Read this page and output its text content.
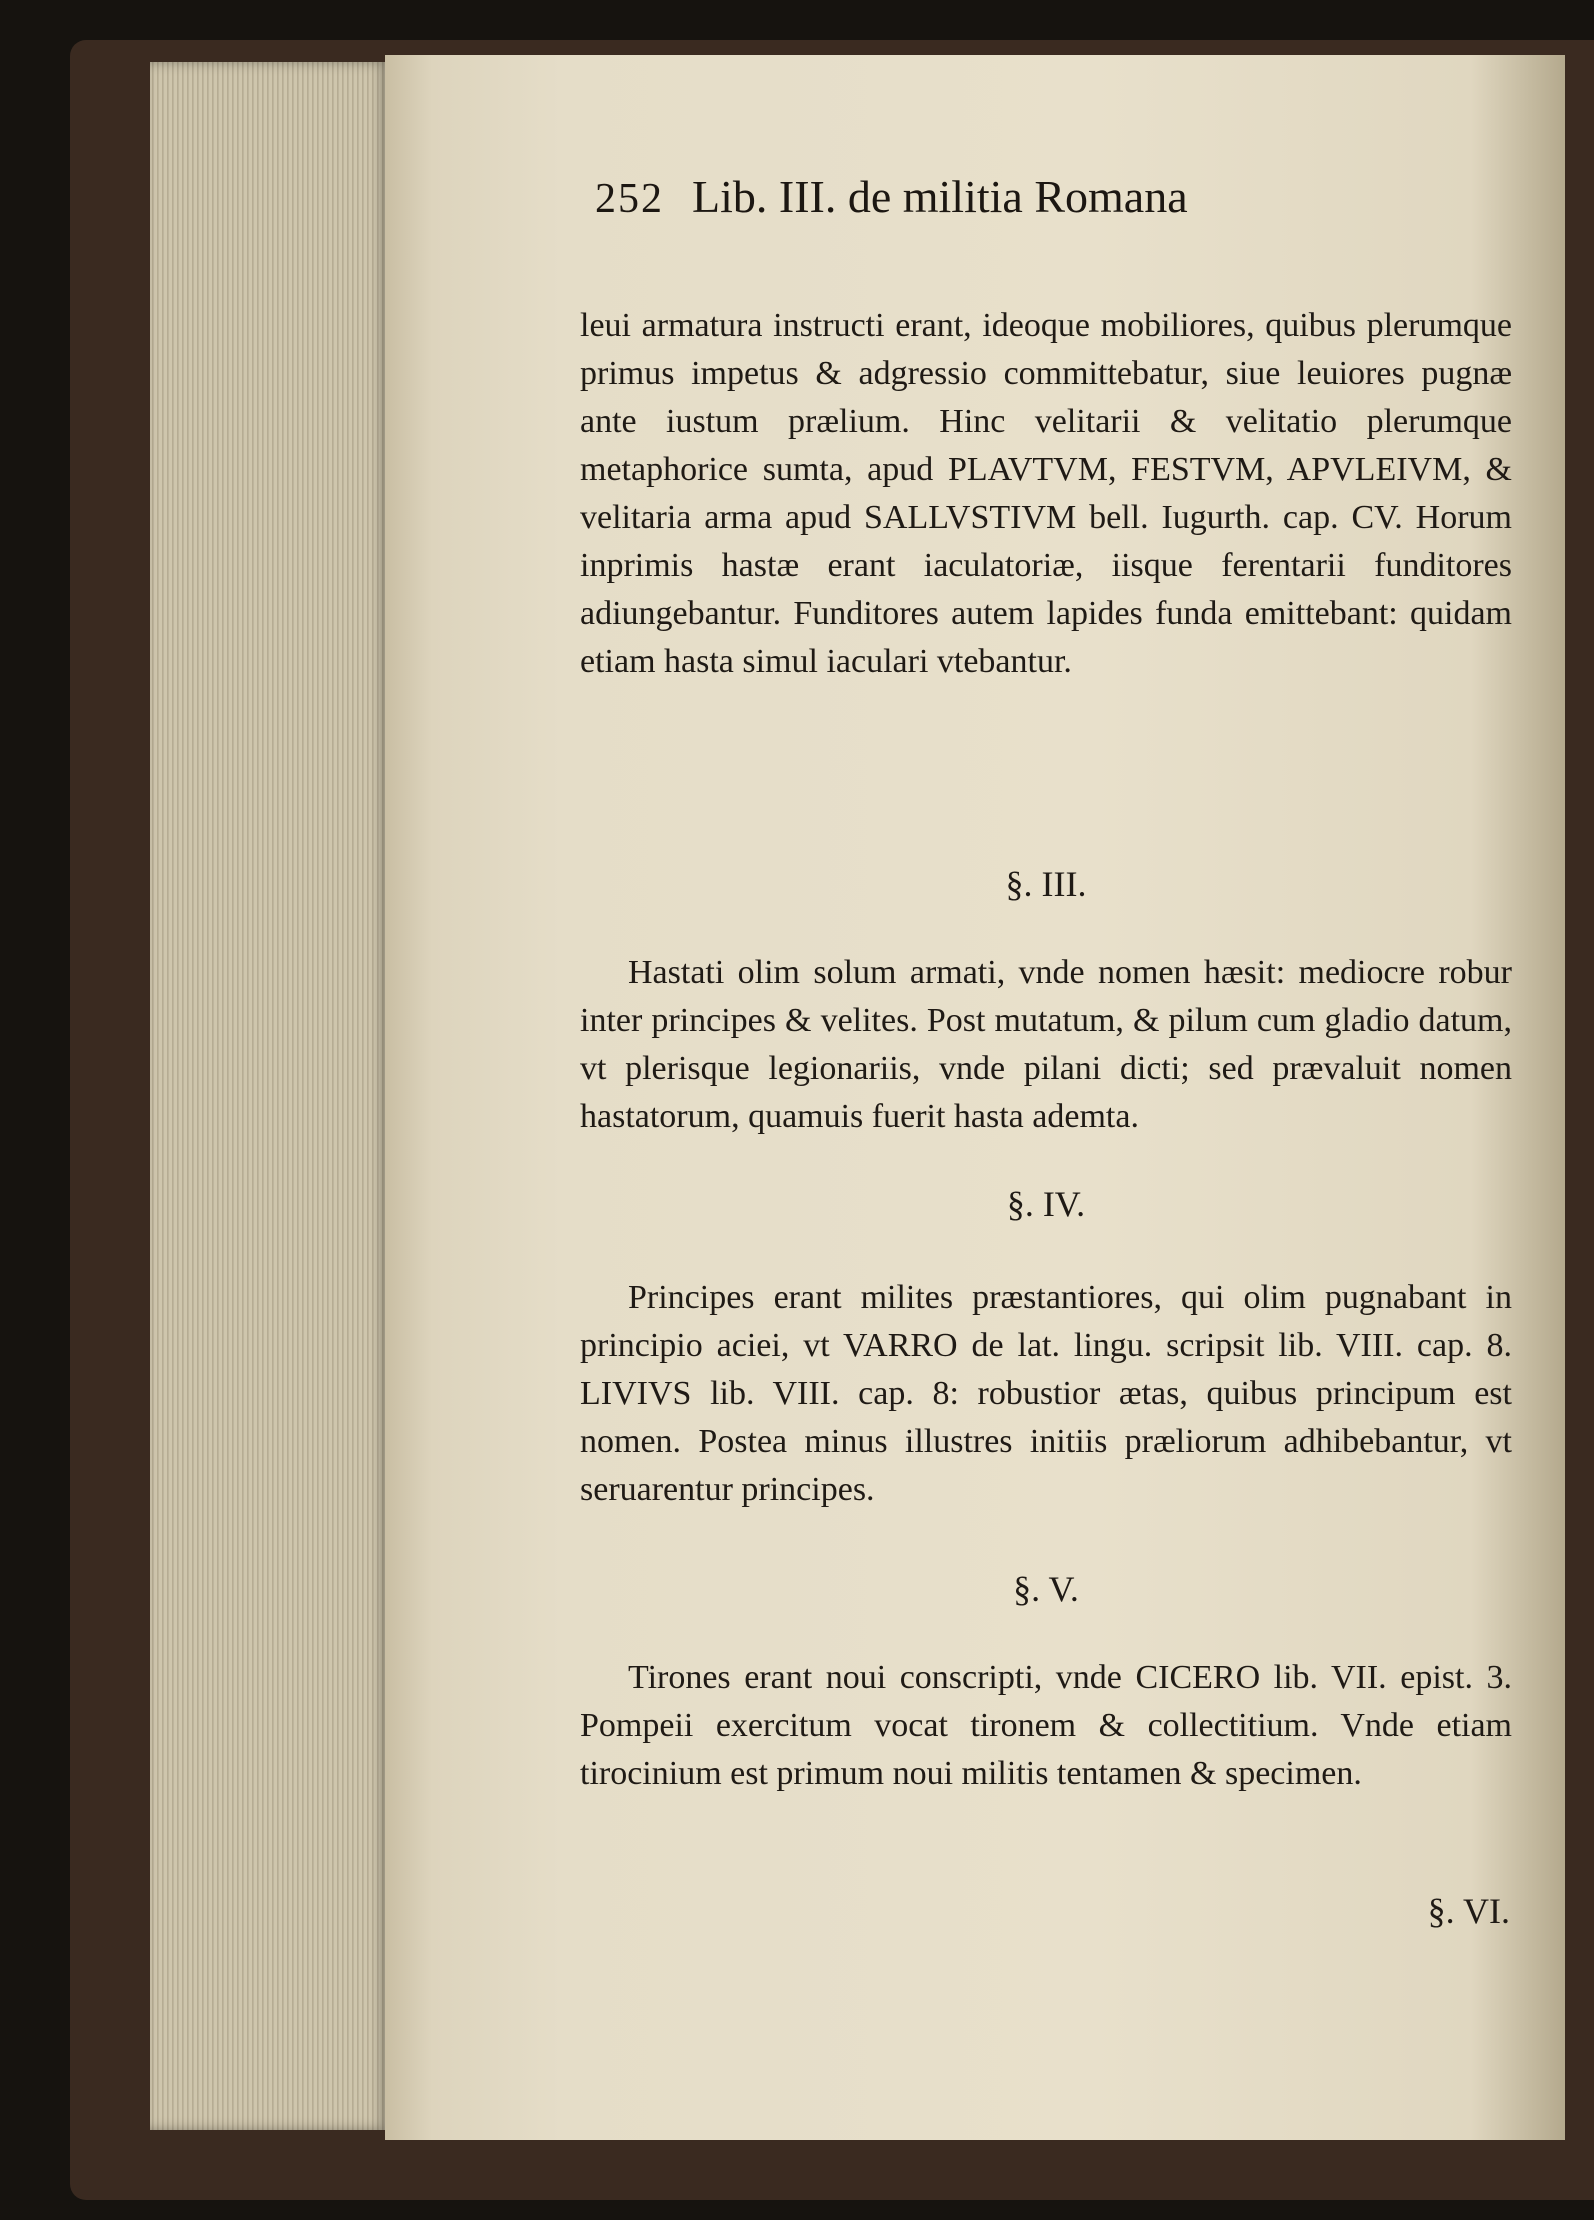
252 Lib. III. de militia Romana

leui armatura instructi erant, ideoque mobiliores, quibus plerumque primus impetus & adgressio committebatur, siue leuiores pugnæ ante iustum prælium. Hinc velitarii & velitatio plerumque metaphorice sumta, apud PLAVTVM, FESTVM, APVLEIVM, & velitaria arma apud SALLVSTIVM bell. Iugurth. cap. CV. Horum inprimis hastæ erant iaculatoriæ, iisque ferentarii funditores adiungebantur. Funditores autem lapides funda emittebant: quidam etiam hasta simul iaculari vtebantur.

§. III.

Hastati olim solum armati, vnde nomen hæsit: mediocre robur inter principes & velites. Post mutatum, & pilum cum gladio datum, vt plerisque legionariis, vnde pilani dicti; sed prævaluit nomen hastatorum, quamuis fuerit hasta ademta.

§. IV.

Principes erant milites præstantiores, qui olim pugnabant in principio aciei, vt VARRO de lat. lingu. scripsit lib. VIII. cap. 8. LIVIVS lib. VIII. cap. 8: robustior ætas, quibus principum est nomen. Postea minus illustres initiis præliorum adhibebantur, vt seruarentur principes.

§. V.

Tirones erant noui conscripti, vnde CICERO lib. VII. epist. 3. Pompeii exercitum vocat tironem & collectitium. Vnde etiam tirocinium est primum noui militis tentamen & specimen.

§. VI.
